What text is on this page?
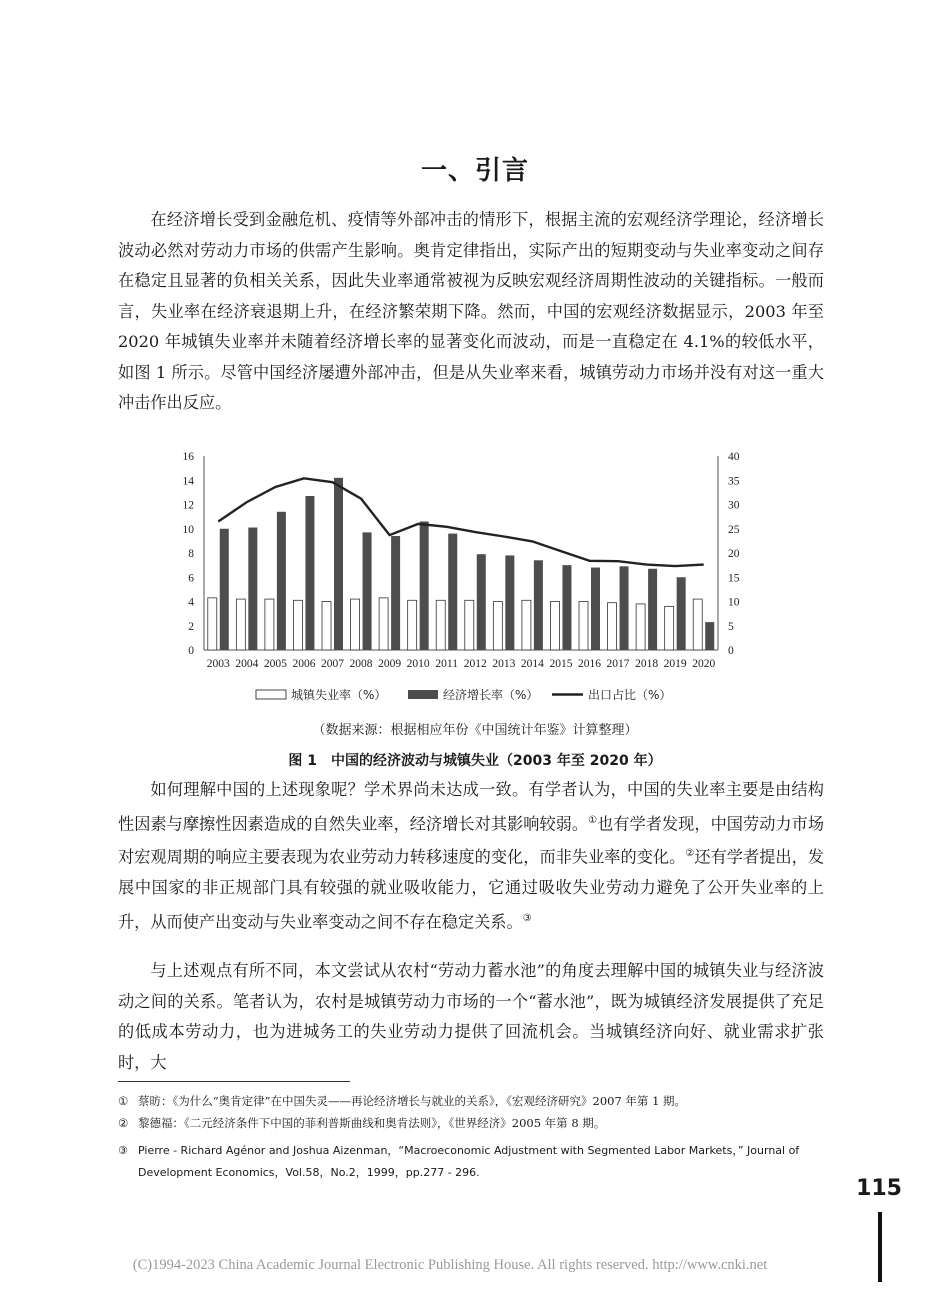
一、引言

在经济增长受到金融危机、疫情等外部冲击的情形下，根据主流的宏观经济学理论，经济增长波动必然对劳动力市场的供需产生影响。奥肯定律指出，实际产出的短期变动与失业率变动之间存在稳定且显著的负相关关系，因此失业率通常被视为反映宏观经济周期性波动的关键指标。一般而言，失业率在经济衰退期上升，在经济繁荣期下降。然而，中国的宏观经济数据显示，2003 年至 2020 年城镇失业率并未随着经济增长率的显著变化而波动，而是一直稳定在 4.1%的较低水平，如图 1 所示。尽管中国经济屡遭外部冲击，但是从失业率来看，城镇劳动力市场并没有对这一重大冲击作出反应。

0
2
4
6
8
10
12
14
16
0
5
10
15
20
25
30
35
40
2003 2004 2005 2006 2007 2008 2009 2010 2011 2012 2013 2014 2015 2016 2017 2018 2019 2020
城镇失业率（%）	经济增长率（%）	出口占比（%）
（数据来源：根据相应年份《中国统计年鉴》计算整理）
图 1　中国的经济波动与城镇失业（2003 年至 2020 年）

如何理解中国的上述现象呢？学术界尚未达成一致。有学者认为，中国的失业率主要是由结构性因素与摩擦性因素造成的自然失业率，经济增长对其影响较弱。①也有学者发现，中国劳动力市场对宏观周期的响应主要表现为农业劳动力转移速度的变化，而非失业率的变化。②还有学者提出，发展中国家的非正规部门具有较强的就业吸收能力，它通过吸收失业劳动力避免了公开失业率的上升，从而使产出变动与失业率变动之间不存在稳定关系。③

与上述观点有所不同，本文尝试从农村“劳动力蓄水池”的角度去理解中国的城镇失业与经济波动之间的关系。笔者认为，农村是城镇劳动力市场的一个“蓄水池”，既为城镇经济发展提供了充足的低成本劳动力，也为进城务工的失业劳动力提供了回流机会。当城镇经济向好、就业需求扩张时，大

① 蔡昉：《为什么“奥肯定律”在中国失灵——再论经济增长与就业的关系》，《宏观经济研究》2007 年第 1 期。
② 黎德福：《二元经济条件下中国的菲利普斯曲线和奥肯法则》，《世界经济》2005 年第 8 期。
③ Pierre - Richard Agénor and Joshua Aizenman，“Macroeconomic Adjustment with Segmented Labor Markets，” Journal of
Development Economics，Vol.58，No.2，1999，pp.277 - 296.
115
(C)1994-2023 China Academic Journal Electronic Publishing House. All rights reserved. http://www.cnki.net
